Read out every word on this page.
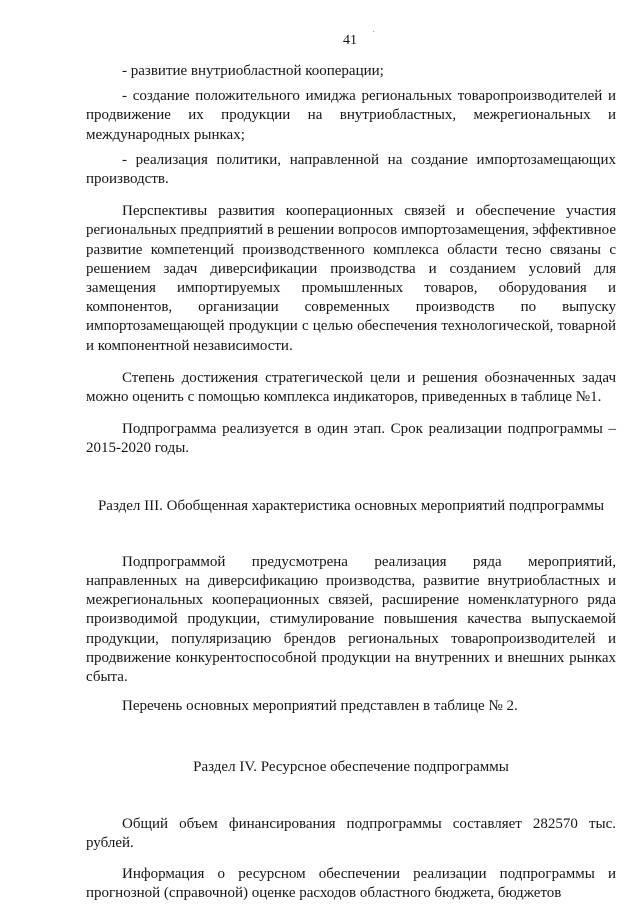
41
·

- развитие внутриобластной кооперации;

- создание положительного имиджа региональных товаропроизводителей и продвижение их продукции на внутриобластных, межрегиональных и международных рынках;

- реализация политики, направленной на создание импортозамещающих производств.

Перспективы развития кооперационных связей и обеспечение участия региональных предприятий в решении вопросов импортозамещения, эффективное развитие компетенций производственного комплекса области тесно связаны с решением задач диверсификации производства и созданием условий для замещения импортируемых промышленных товаров, оборудования и компонентов, организации современных производств по выпуску импортозамещающей продукции с целью обеспечения технологической, товарной и компонентной независимости.

Степень достижения стратегической цели и решения обозначенных задач можно оценить с помощью комплекса индикаторов, приведенных в таблице №1.

Подпрограмма реализуется в один этап. Срок реализации подпрограммы – 2015-2020 годы.

Раздел III. Обобщенная характеристика основных мероприятий подпрограммы

Подпрограммой предусмотрена реализация ряда мероприятий, направленных на диверсификацию производства, развитие внутриобластных и межрегиональных кооперационных связей, расширение номенклатурного ряда производимой продукции, стимулирование повышения качества выпускаемой продукции, популяризацию брендов региональных товаропроизводителей и продвижение конкурентоспособной продукции на внутренних и внешних рынках сбыта.

Перечень основных мероприятий представлен в таблице № 2.

Раздел IV. Ресурсное обеспечение подпрограммы

Общий объем финансирования подпрограммы составляет 282570 тыс. рублей.

Информация о ресурсном обеспечении реализации подпрограммы и прогнозной (справочной) оценке расходов областного бюджета, бюджетов
